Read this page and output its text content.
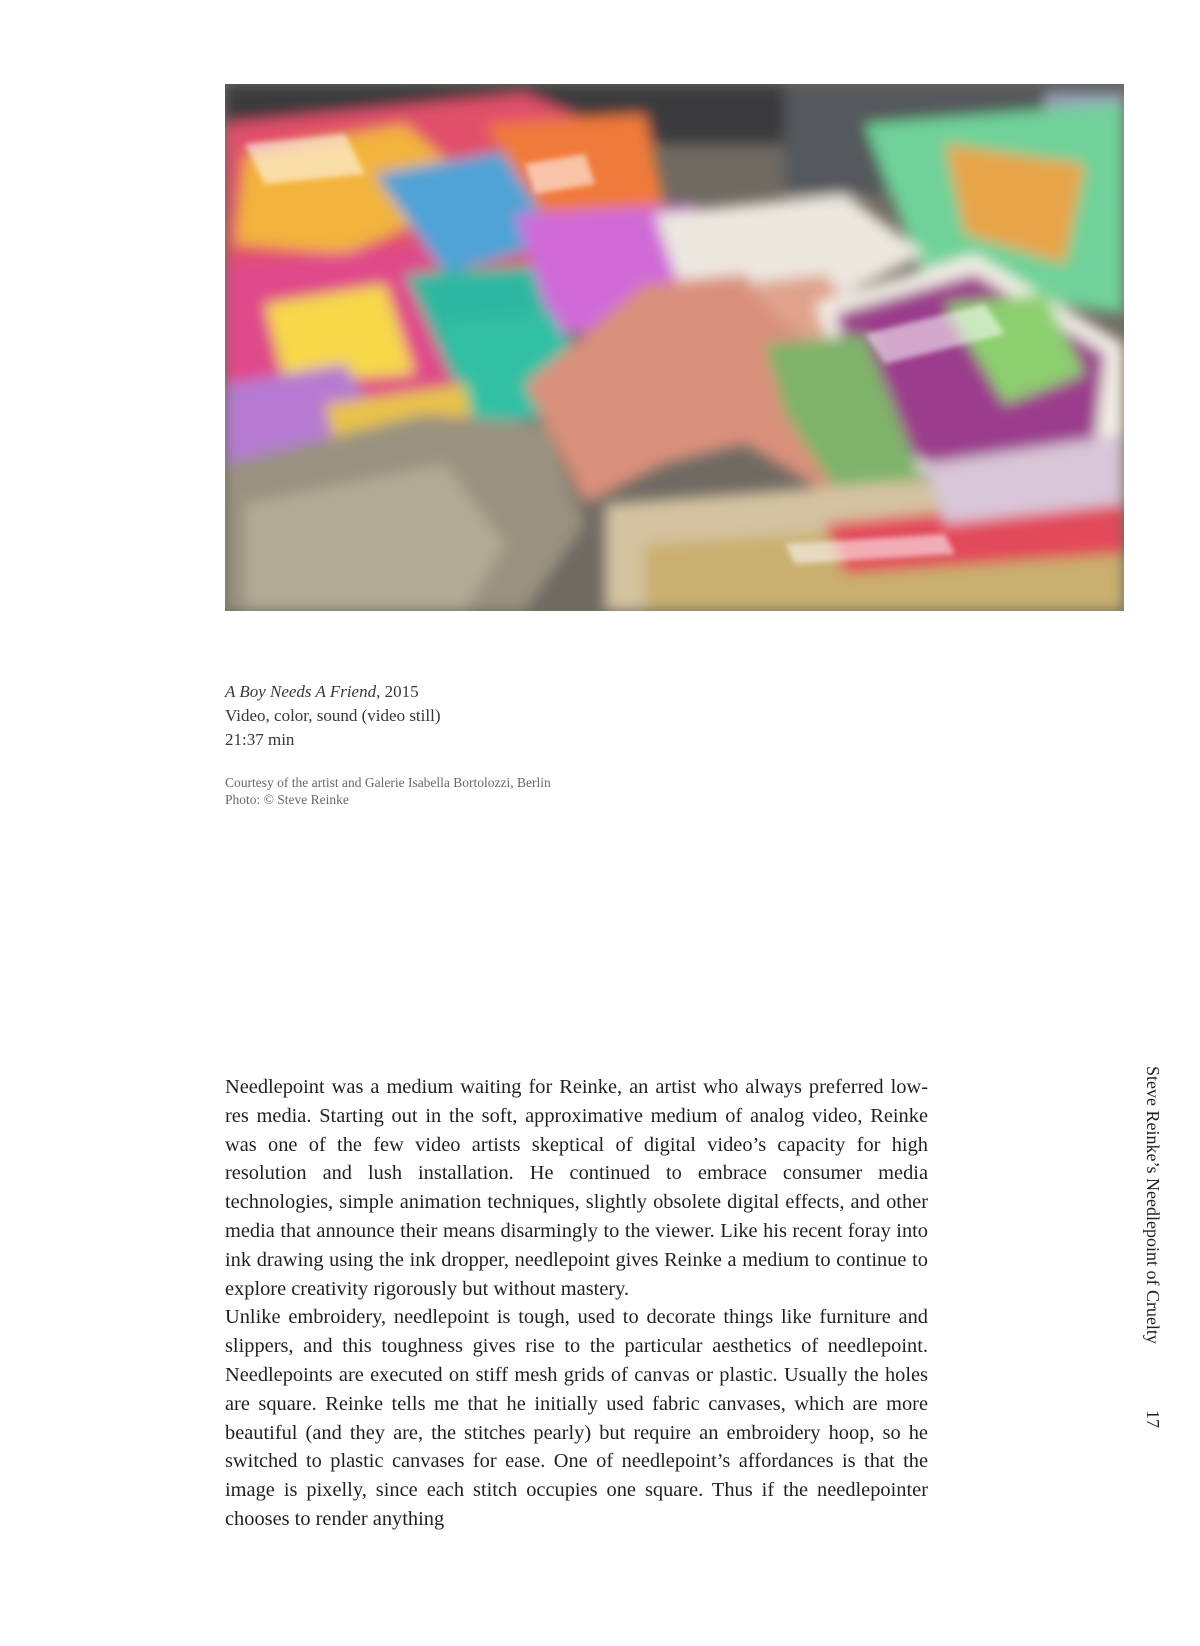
A Boy Needs A Friend, 2015
Video, color, sound (video still)
21:37 min
Courtesy of the artist and Galerie Isabella Bortolozzi, Berlin
Photo: © Steve Reinke

Needlepoint was a medium waiting for Reinke, an artist who always preferred low-res media. Starting out in the soft, approximative medium of analog video, Reinke was one of the few video artists skeptical of digital video’s capacity for high resolution and lush installation. He continued to embrace consumer media technologies, simple animation techniques, slightly obsolete digital effects, and other media that announce their means disarmingly to the viewer. Like his recent foray into ink drawing using the ink dropper, needlepoint gives Reinke a medium to continue to explore creativity rigorously but without mastery.

Unlike embroidery, needlepoint is tough, used to decorate things like furniture and slippers, and this toughness gives rise to the particular aesthetics of needlepoint. Needlepoints are executed on stiff mesh grids of canvas or plastic. Usually the holes are square. Reinke tells me that he initially used fabric canvases, which are more beautiful (and they are, the stitches pearly) but require an embroidery hoop, so he switched to plastic canvases for ease. One of needlepoint’s affordances is that the image is pixelly, since each stitch occupies one square. Thus if the needlepointer chooses to render anything

Steve Reinke’s Needlepoint of Cruelty
17
